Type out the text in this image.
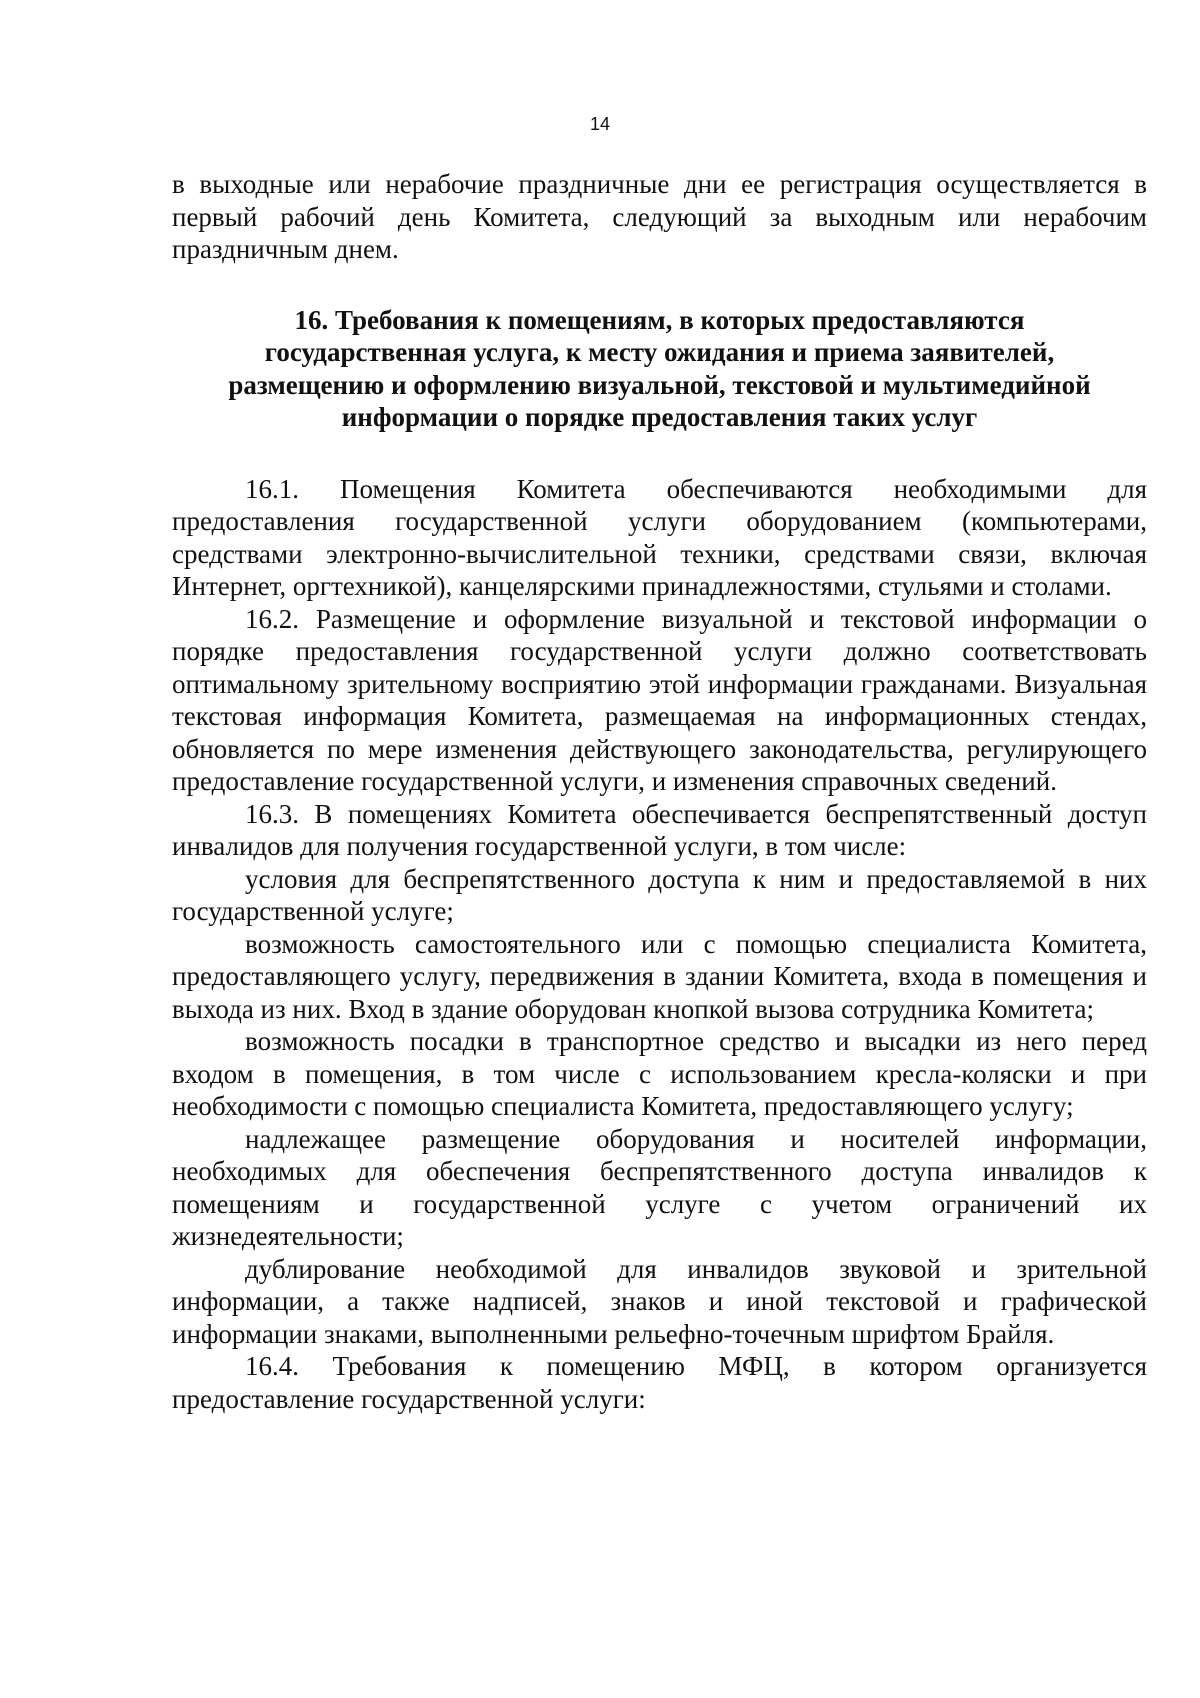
14

в выходные или нерабочие праздничные дни ее регистрация осуществляется в первый рабочий день Комитета, следующий за выходным или нерабочим праздничным днем.

16. Требования к помещениям, в которых предоставляются
государственная услуга, к месту ожидания и приема заявителей,
размещению и оформлению визуальной, текстовой и мультимедийной
информации о порядке предоставления таких услуг

16.1. Помещения Комитета обеспечиваются необходимыми для предоставления государственной услуги оборудованием (компьютерами, средствами электронно-вычислительной техники, средствами связи, включая Интернет, оргтехникой), канцелярскими принадлежностями, стульями и столами.

16.2. Размещение и оформление визуальной и текстовой информации о порядке предоставления государственной услуги должно соответствовать оптимальному зрительному восприятию этой информации гражданами. Визуальная текстовая информация Комитета, размещаемая на информационных стендах, обновляется по мере изменения действующего законодательства, регулирующего предоставление государственной услуги, и изменения справочных сведений.

16.3. В помещениях Комитета обеспечивается беспрепятственный доступ инвалидов для получения государственной услуги, в том числе:

условия для беспрепятственного доступа к ним и предоставляемой в них государственной услуге;

возможность самостоятельного или с помощью специалиста Комитета, предоставляющего услугу, передвижения в здании Комитета, входа в помещения и выхода из них. Вход в здание оборудован кнопкой вызова сотрудника Комитета;

возможность посадки в транспортное средство и высадки из него перед входом в помещения, в том числе с использованием кресла-коляски и при необходимости с помощью специалиста Комитета, предоставляющего услугу;

надлежащее размещение оборудования и носителей информации, необходимых для обеспечения беспрепятственного доступа инвалидов к помещениям и государственной услуге с учетом ограничений их жизнедеятельности;

дублирование необходимой для инвалидов звуковой и зрительной информации, а также надписей, знаков и иной текстовой и графической информации знаками, выполненными рельефно-точечным шрифтом Брайля.

16.4. Требования к помещению МФЦ, в котором организуется предоставление государственной услуги:
